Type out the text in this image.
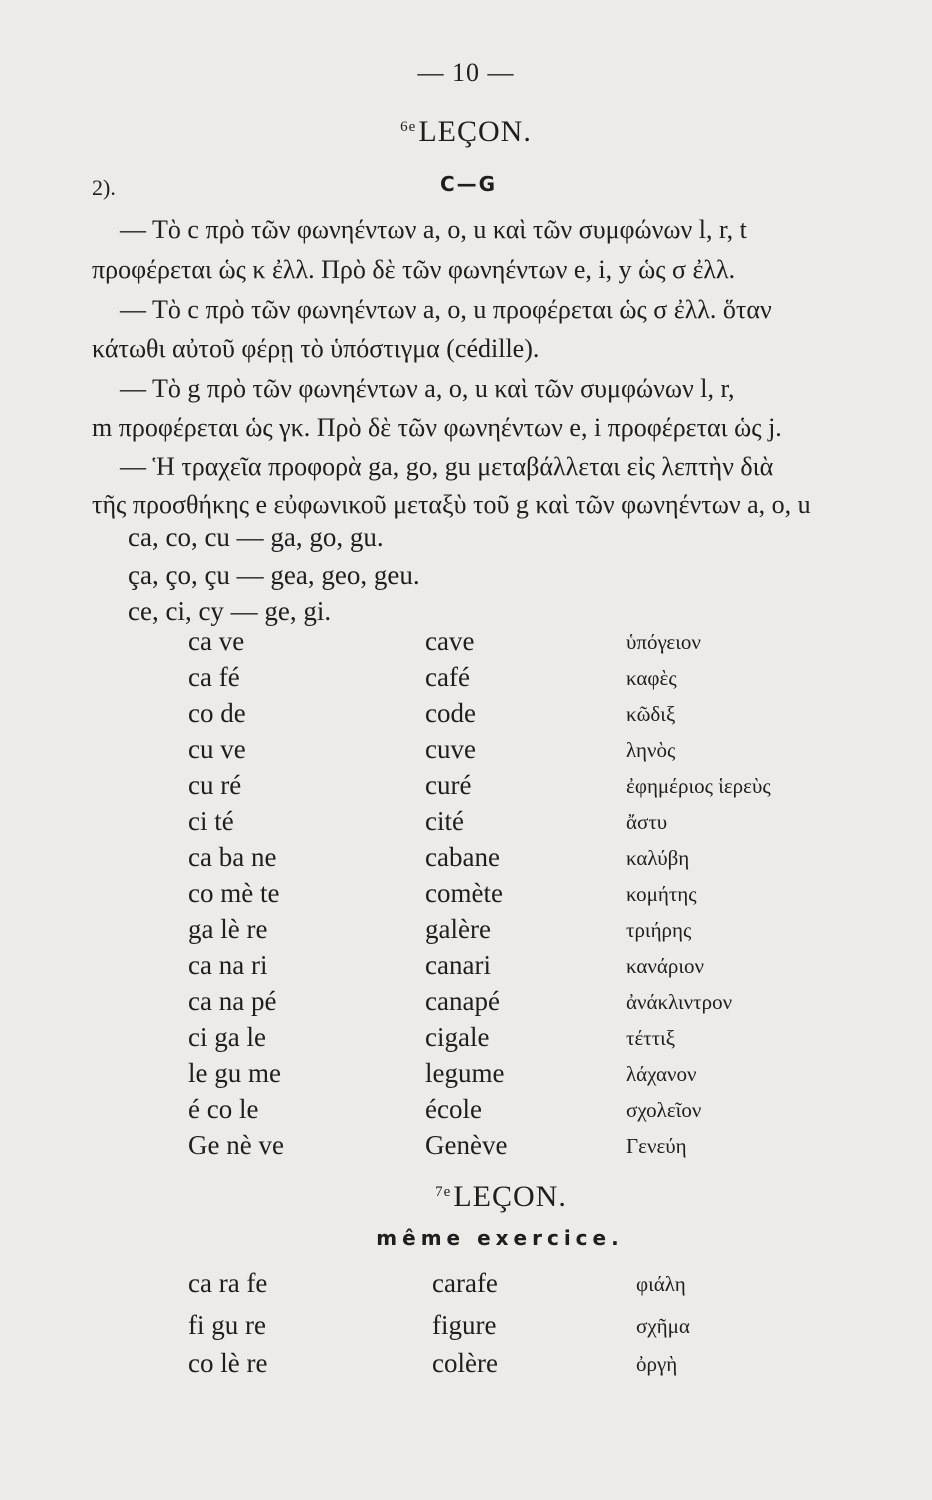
— 10 —
$^{6e}$LEÇON.
2).	C—G
— Τὸ c πρὸ τῶν φωνηέντων a, o, u καὶ τῶν συμφώνων l, r, t
προφέρεται ὡς κ ἐλλ. Πρὸ δὲ τῶν φωνηέντων e, i, y ὡς σ ἐλλ.
— Τὸ c πρὸ τῶν φωνηέντων a, o, u προφέρεται ὡς σ ἐλλ. ὅταν
κάτωθι αὐτοῦ φέρῃ τὸ ὑπόστιγμα (cédille).
— Τὸ g πρὸ τῶν φωνηέντων a, o, u καὶ τῶν συμφώνων l, r,
m προφέρεται ὡς γκ. Πρὸ δὲ τῶν φωνηέντων e, i προφέρεται ὡς j.
— Ἡ τραχεῖα προφορὰ ga, go, gu μεταβάλλεται εἰς λεπτὴν διὰ
τῆς προσθήκης e εὐφωνικοῦ μεταξὺ τοῦ g καὶ τῶν φωνηέντων a, o, u
ca, co, cu — ga, go, gu.
ça, ço, çu — gea, geo, geu.
ce, ci, cy — ge, gi.
ca ve	cave	ὑπόγειον
ca fé	café	καφὲς
co de	code	κῶδιξ
cu ve	cuve	ληνὸς
cu ré	curé	ἐφημέριος ἱερεὺς
ci té	cité	ἄστυ
ca ba ne	cabane	καλύβη
co mè te	comète	κομήτης
ga lè re	galère	τριήρης
ca na ri	canari	κανάριον
ca na pé	canapé	ἀνάκλιντρον
ci ga le	cigale	τέττιξ
le gu me	legume	λάχανον
é co le	école	σχολεῖον
Ge nè ve	Genève	Γενεύη
$^{7e}$LEÇON.
même exercice.
ca ra fe	carafe	φιάλη
fi gu re	figure	σχῆμα
co lè re	colère	ὀργὴ
